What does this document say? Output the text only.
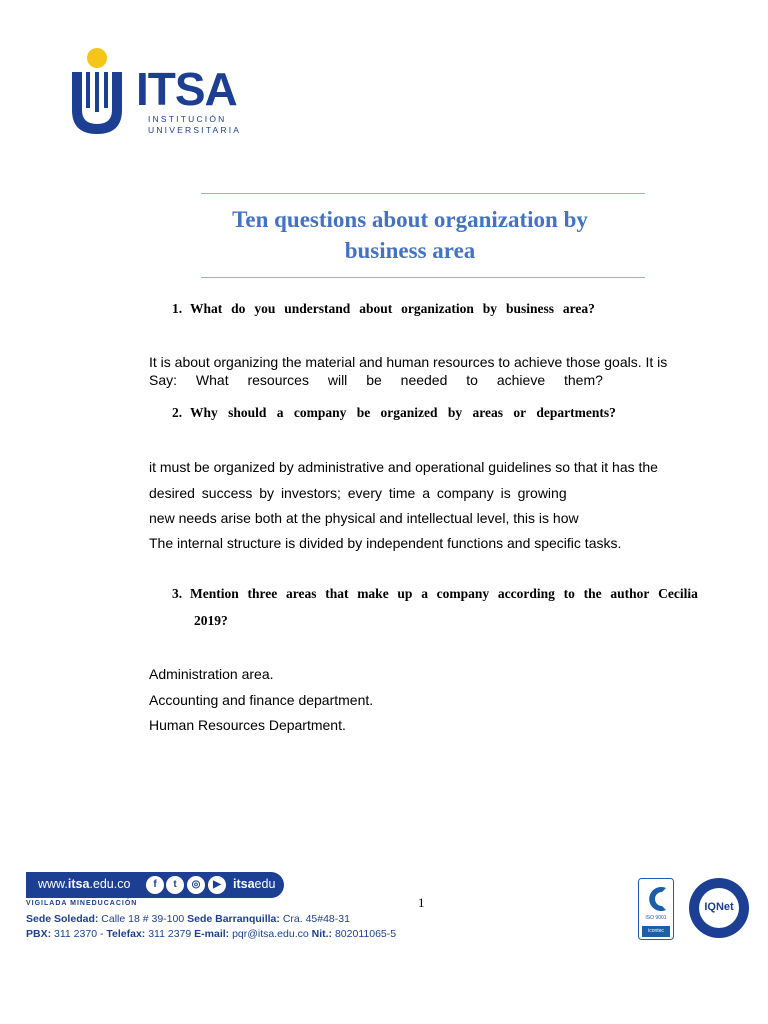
ITSA
INSTITUCIÓN
UNIVERSITARIA
Ten questions about organization by
business area
1. What do you understand about organization by business area?
It is about organizing the material and human resources to achieve those goals. It is
Say: What resources will be needed to achieve them?
2. Why should a company be organized by areas or departments?
it must be organized by administrative and operational guidelines so that it has the
desired success by investors; every time a company is growing
new needs arise both at the physical and intellectual level, this is how
The internal structure is divided by independent functions and specific tasks.
3. Mention three areas that make up a company according to the author Cecilia
2019?
Administration area.
Accounting and finance department.
Human Resources Department.
www.itsa.edu.co	f	t	◎	▶ itsaedu
VIGILADA MINEDUCACIÓN
Sede Soledad: Calle 18 # 39-100 Sede Barranquilla: Cra. 45#48-31
PBX: 311 2370 - Telefax: 311 2379 E-mail: pqr@itsa.edu.co Nit.: 802011065-5
1
ISO 9001
icontec
IQNet
